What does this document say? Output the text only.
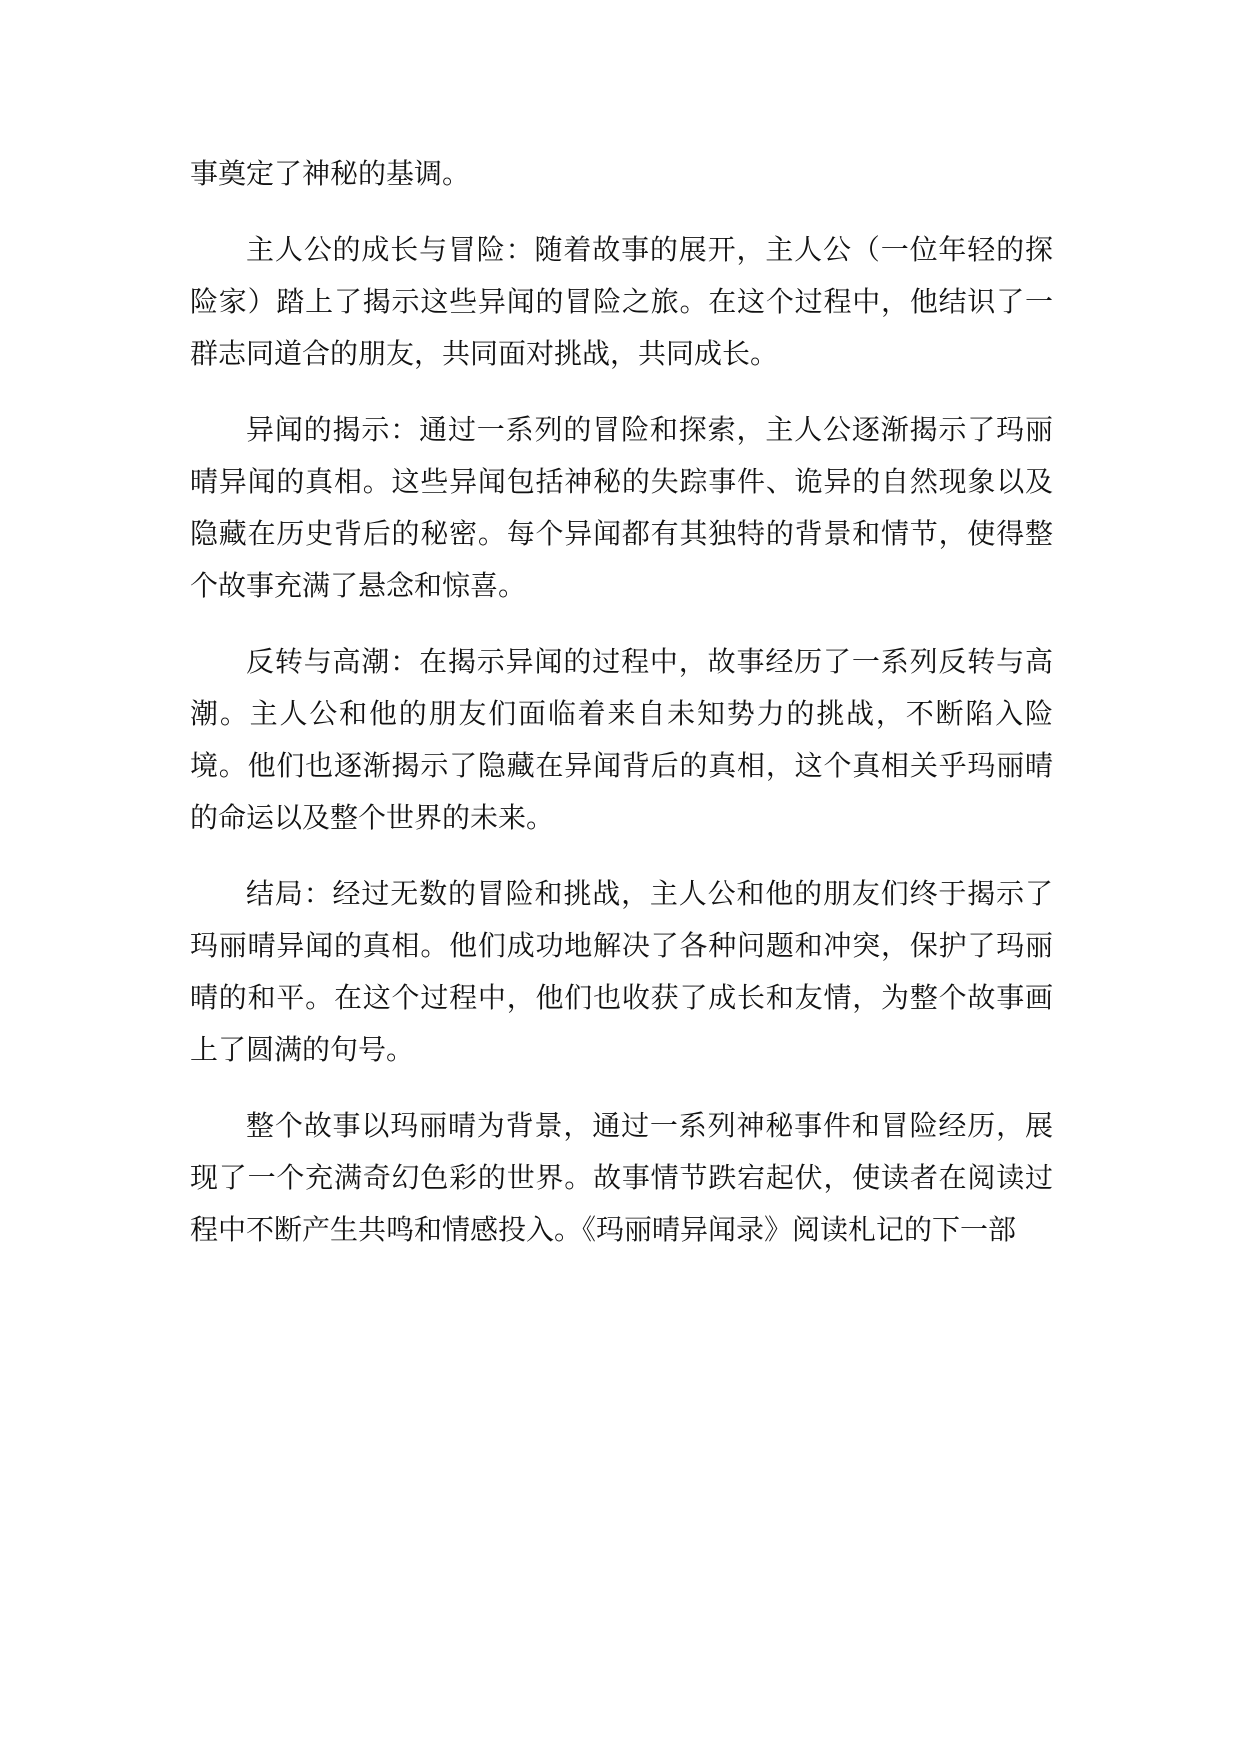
事奠定了神秘的基调。

主人公的成长与冒险：随着故事的展开，主人公（一位年轻的探险家）踏上了揭示这些异闻的冒险之旅。在这个过程中，他结识了一群志同道合的朋友，共同面对挑战，共同成长。

异闻的揭示：通过一系列的冒险和探索，主人公逐渐揭示了玛丽晴异闻的真相。这些异闻包括神秘的失踪事件、诡异的自然现象以及隐藏在历史背后的秘密。每个异闻都有其独特的背景和情节，使得整个故事充满了悬念和惊喜。

反转与高潮：在揭示异闻的过程中，故事经历了一系列反转与高潮。主人公和他的朋友们面临着来自未知势力的挑战，不断陷入险境。他们也逐渐揭示了隐藏在异闻背后的真相，这个真相关乎玛丽晴的命运以及整个世界的未来。

结局：经过无数的冒险和挑战，主人公和他的朋友们终于揭示了玛丽晴异闻的真相。他们成功地解决了各种问题和冲突，保护了玛丽晴的和平。在这个过程中，他们也收获了成长和友情，为整个故事画上了圆满的句号。

整个故事以玛丽晴为背景，通过一系列神秘事件和冒险经历，展现了一个充满奇幻色彩的世界。故事情节跌宕起伏，使读者在阅读过程中不断产生共鸣和情感投入。《玛丽晴异闻录》阅读札记的下一部
